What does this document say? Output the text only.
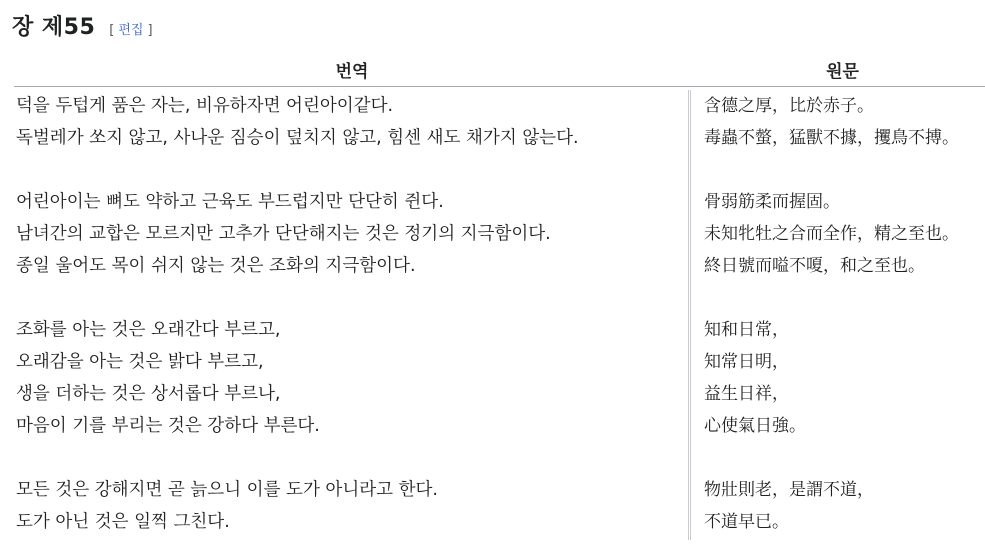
장 제55 [ 편집 ]
번역	원문
덕을 두텁게 품은 자는, 비유하자면 어린아이같다.
독벌레가 쏘지 않고, 사나운 짐승이 덮치지 않고, 힘센 새도 채가지 않는다.
어린아이는 뼈도 약하고 근육도 부드럽지만 단단히 쥔다.
남녀간의 교합은 모르지만 고추가 단단해지는 것은 정기의 지극함이다.
종일 울어도 목이 쉬지 않는 것은 조화의 지극함이다.
조화를 아는 것은 오래간다 부르고,
오래감을 아는 것은 밝다 부르고,
생을 더하는 것은 상서롭다 부르나,
마음이 기를 부리는 것은 강하다 부른다.
모든 것은 강해지면 곧 늙으니 이를 도가 아니라고 한다.
도가 아닌 것은 일찍 그친다.
含德之厚，比於赤子。
毒蟲不螫，猛獸不據，攫鳥不搏。
骨弱筋柔而握固。
未知牝牡之合而全作，精之至也。
終日號而嗌不嗄，和之至也。
知和日常，
知常日明，
益生日祥，
心使氣日強。
物壯則老，是謂不道，
不道早已。
